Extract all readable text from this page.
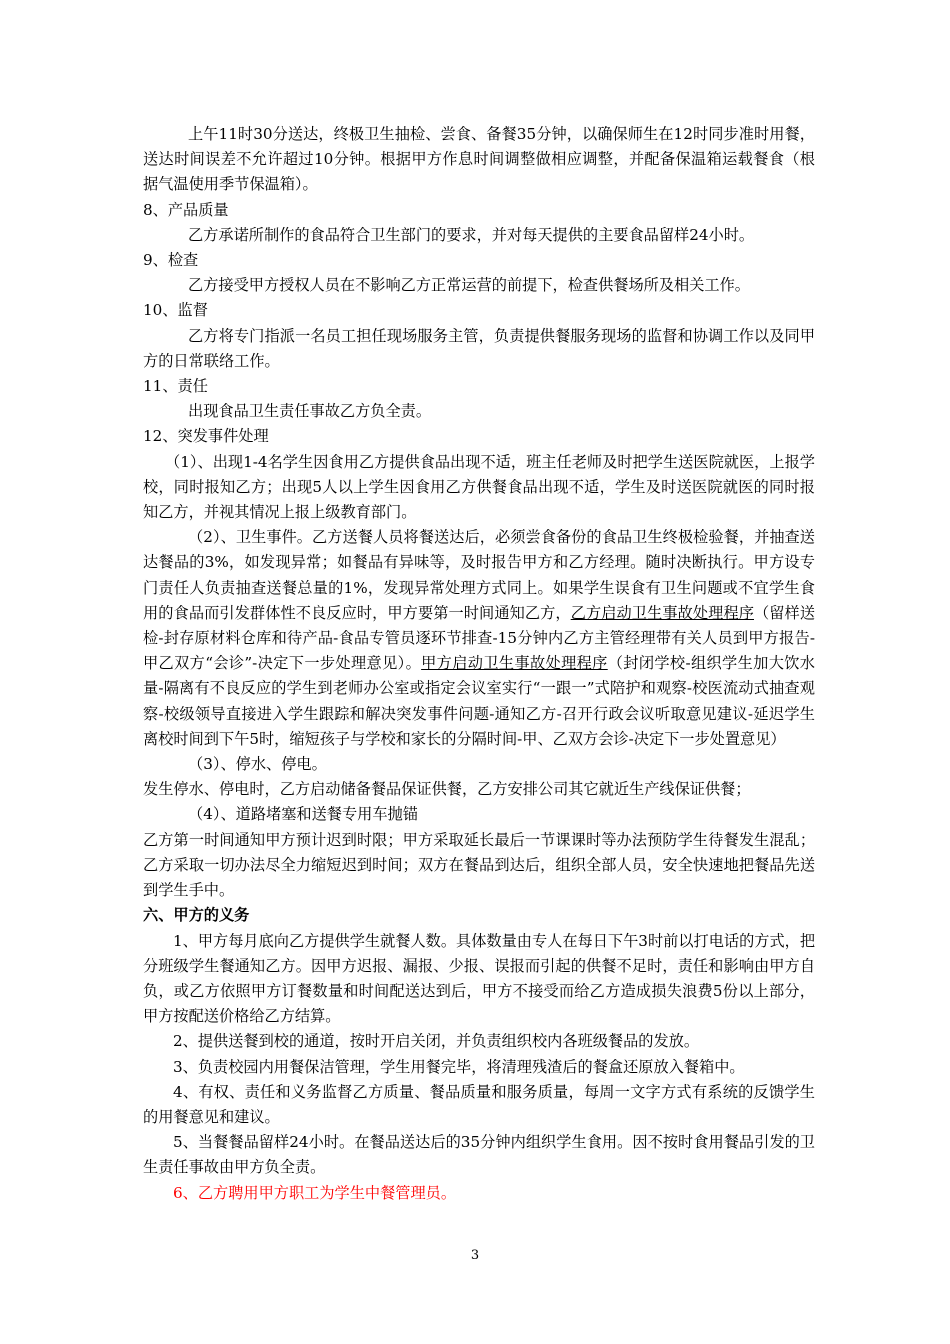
上午11时30分送达，终极卫生抽检、尝食、备餐35分钟，以确保师生在12时同步准时用餐，送达时间误差不允许超过10分钟。根据甲方作息时间调整做相应调整，并配备保温箱运载餐食（根据气温使用季节保温箱）。

8、产品质量

乙方承诺所制作的食品符合卫生部门的要求，并对每天提供的主要食品留样24小时。

9、检查

乙方接受甲方授权人员在不影响乙方正常运营的前提下，检查供餐场所及相关工作。

10、监督

乙方将专门指派一名员工担任现场服务主管，负责提供餐服务现场的监督和协调工作以及同甲方的日常联络工作。

11、责任

出现食品卫生责任事故乙方负全责。

12、突发事件处理

（1）、出现1-4名学生因食用乙方提供食品出现不适，班主任老师及时把学生送医院就医，上报学校，同时报知乙方；出现5人以上学生因食用乙方供餐食品出现不适，学生及时送医院就医的同时报知乙方，并视其情况上报上级教育部门。

（2）、卫生事件。乙方送餐人员将餐送达后，必须尝食备份的食品卫生终极检验餐，并抽查送达餐品的3%，如发现异常；如餐品有异味等，及时报告甲方和乙方经理。随时决断执行。甲方设专门责任人负责抽查送餐总量的1%，发现异常处理方式同上。如果学生误食有卫生问题或不宜学生食用的食品而引发群体性不良反应时，甲方要第一时间通知乙方，乙方启动卫生事故处理程序（留样送检-封存原材料仓库和待产品-食品专管员逐环节排查-15分钟内乙方主管经理带有关人员到甲方报告-甲乙双方“会诊”-决定下一步处理意见）。甲方启动卫生事故处理程序（封闭学校-组织学生加大饮水量-隔离有不良反应的学生到老师办公室或指定会议室实行“一跟一”式陪护和观察-校医流动式抽查观察-校级领导直接进入学生跟踪和解决突发事件问题-通知乙方-召开行政会议听取意见建议-延迟学生离校时间到下午5时，缩短孩子与学校和家长的分隔时间-甲、乙双方会诊-决定下一步处置意见）

（3）、停水、停电。

发生停水、停电时，乙方启动储备餐品保证供餐，乙方安排公司其它就近生产线保证供餐；

（4）、道路堵塞和送餐专用车抛锚

乙方第一时间通知甲方预计迟到时限；甲方采取延长最后一节课课时等办法预防学生待餐发生混乱；乙方采取一切办法尽全力缩短迟到时间；双方在餐品到达后，组织全部人员，安全快速地把餐品先送到学生手中。

六、甲方的义务

1、甲方每月底向乙方提供学生就餐人数。具体数量由专人在每日下午3时前以打电话的方式，把分班级学生餐通知乙方。因甲方迟报、漏报、少报、误报而引起的供餐不足时，责任和影响由甲方自负，或乙方依照甲方订餐数量和时间配送达到后，甲方不接受而给乙方造成损失浪费5份以上部分，甲方按配送价格给乙方结算。

2、提供送餐到校的通道，按时开启关闭，并负责组织校内各班级餐品的发放。

3、负责校园内用餐保洁管理，学生用餐完毕，将清理残渣后的餐盒还原放入餐箱中。

4、有权、责任和义务监督乙方质量、餐品质量和服务质量，每周一文字方式有系统的反馈学生的用餐意见和建议。

5、当餐餐品留样24小时。在餐品送达后的35分钟内组织学生食用。因不按时食用餐品引发的卫生责任事故由甲方负全责。

6、乙方聘用甲方职工为学生中餐管理员。

3
